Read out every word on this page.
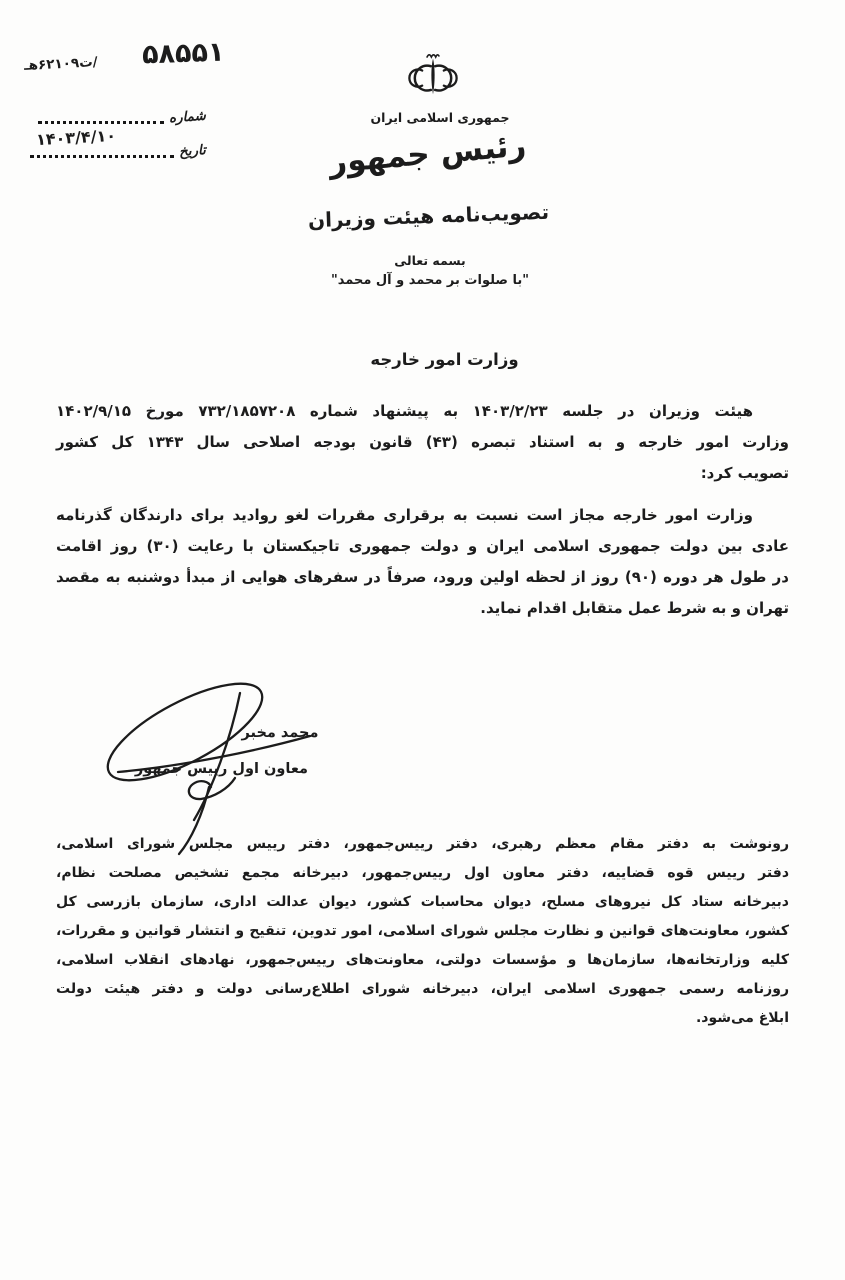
۵۸۵۵۱
/ت۶۲۱۰۹هـ
شماره
تاریخ
۱۴۰۳/۴/۱۰
جمهوری اسلامی ایران
رئیس جمهور
تصویب‌نامه هیئت وزیران
بسمه تعالی
"با صلوات بر محمد و آل محمد"
وزارت امور خارجه
هیئت وزیران در جلسه ۱۴۰۳/۲/۲۳ به پیشنهاد شماره ۷۳۲/۱۸۵۷۲۰۸ مورخ ۱۴۰۲/۹/۱۵
وزارت امور خارجه و به استناد تبصره (۴۳) قانون بودجه اصلاحی سال ۱۳۴۳ کل کشور
تصویب کرد:
وزارت امور خارجه مجاز است نسبت به برقراری مقررات لغو روادید برای دارندگان گذرنامه
عادی بین دولت جمهوری اسلامی ایران و دولت جمهوری تاجیکستان با رعایت (۳۰) روز اقامت
در طول هر دوره (۹۰) روز از لحظه اولین ورود، صرفاً در سفرهای هوایی از مبدأ دوشنبه به مقصد
تهران و به شرط عمل متقابل اقدام نماید.
محمد مخبر
معاون اول رییس جمهور
رونوشت به دفتر مقام معظم رهبری، دفتر رییس‌جمهور، دفتر رییس مجلس شورای اسلامی،
دفتر رییس قوه قضاییه، دفتر معاون اول رییس‌جمهور، دبیرخانه مجمع تشخیص مصلحت نظام،
دبیرخانه ستاد کل نیروهای مسلح، دیوان محاسبات کشور، دیوان عدالت اداری، سازمان بازرسی کل
کشور، معاونت‌های قوانین و نظارت مجلس شورای اسلامی، امور تدوین، تنقیح و انتشار قوانین و مقررات،
کلیه وزارتخانه‌ها، سازمان‌ها و مؤسسات دولتی، معاونت‌های رییس‌جمهور، نهادهای انقلاب اسلامی،
روزنامه رسمی جمهوری اسلامی ایران، دبیرخانه شورای اطلاع‌رسانی دولت و دفتر هیئت دولت
ابلاغ می‌شود.
